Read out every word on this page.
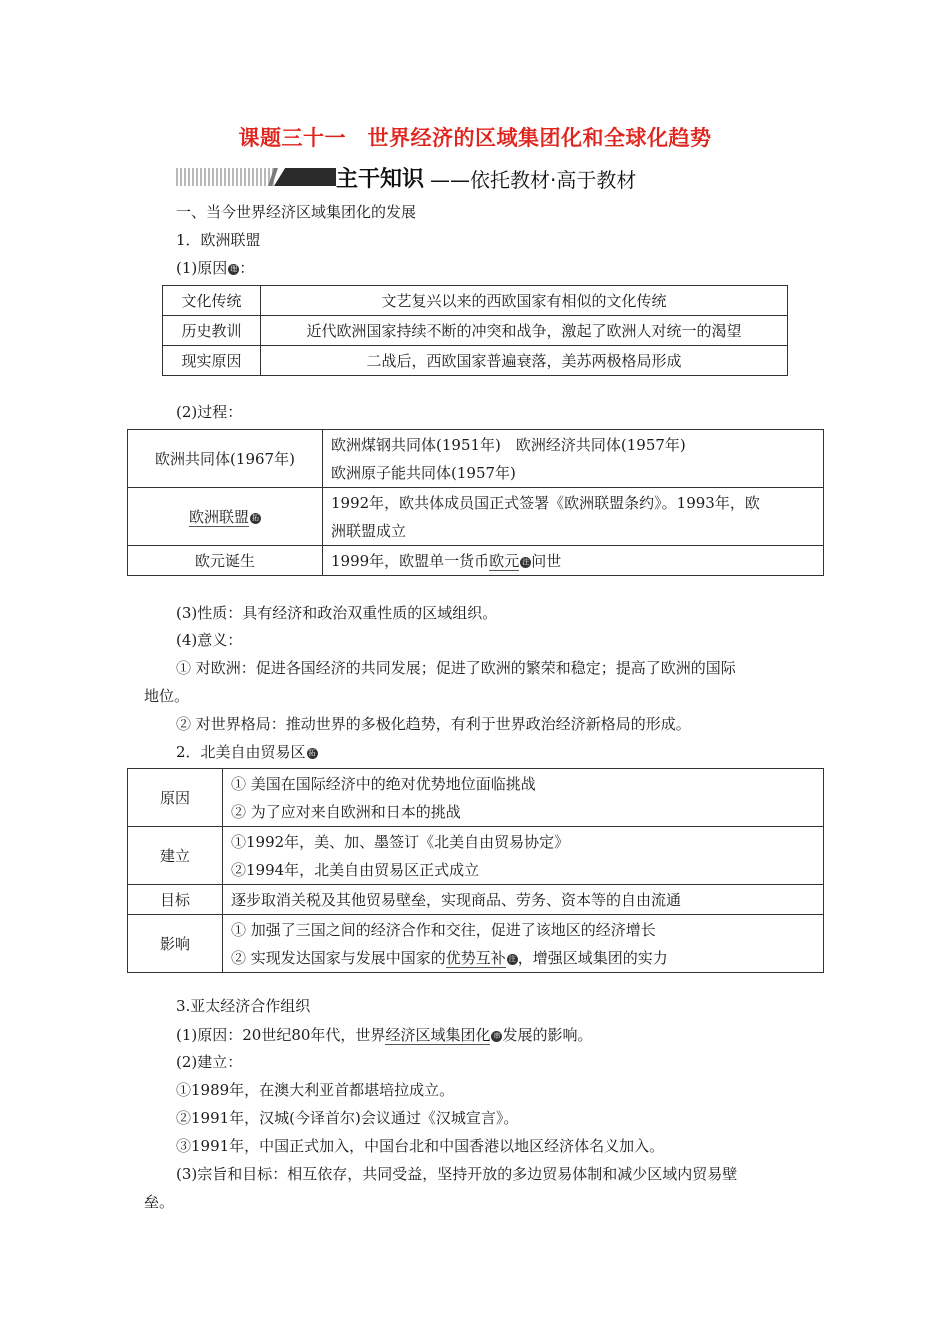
课题三十一　世界经济的区域集团化和全球化趋势
主干知识 ——依托教材·高于教材
一、当今世界经济区域集团化的发展
1．欧洲联盟
(1)原因 理 ：
文化传统	文艺复兴以来的西欧国家有相似的文化传统
历史教训	近代欧洲国家持续不断的冲突和战争，激起了欧洲人对统一的渴望
现实原因	二战后，西欧国家普遍衰落，美苏两极格局形成
(2)过程：
欧洲共同体(1967年)	欧洲煤钢共同体(1951年)　欧洲经济共同体(1957年)
欧洲原子能共同体(1957年)

欧洲联盟 拓	1992年，欧共体成员国正式签署《欧洲联盟条约》。1993年，欧
洲联盟成立

欧元诞生	1999年，欧盟单一货币欧元 注 问世
(3)性质：具有经济和政治双重性质的区域组织。
(4)意义：
① 对欧洲：促进各国经济的共同发展；促进了欧洲的繁荣和稳定；提高了欧洲的国际
地位。
② 对世界格局：推动世界的多极化趋势，有利于世界政治经济新格局的形成。
2．北美自由贸易区 拓
原因	① 美国在国际经济中的绝对优势地位面临挑战
② 为了应对来自欧洲和日本的挑战

建立	①1992年，美、加、墨签订《北美自由贸易协定》
②1994年，北美自由贸易区正式成立

目标	逐步取消关税及其他贸易壁垒，实现商品、劳务、资本等的自由流通
影响	① 加强了三国之间的经济合作和交往，促进了该地区的经济增长
② 实现发达国家与发展中国家的优势互补 注 ，增强区域集团的实力
3.亚太经济合作组织
(1)原因：20世纪80年代，世界经济区域集团化 串 发展的影响。
(2)建立：
①1989年，在澳大利亚首都堪培拉成立。
②1991年，汉城(今译首尔)会议通过《汉城宣言》。
③1991年，中国正式加入，中国台北和中国香港以地区经济体名义加入。
(3)宗旨和目标：相互依存，共同受益，坚持开放的多边贸易体制和减少区域内贸易壁
垒。
